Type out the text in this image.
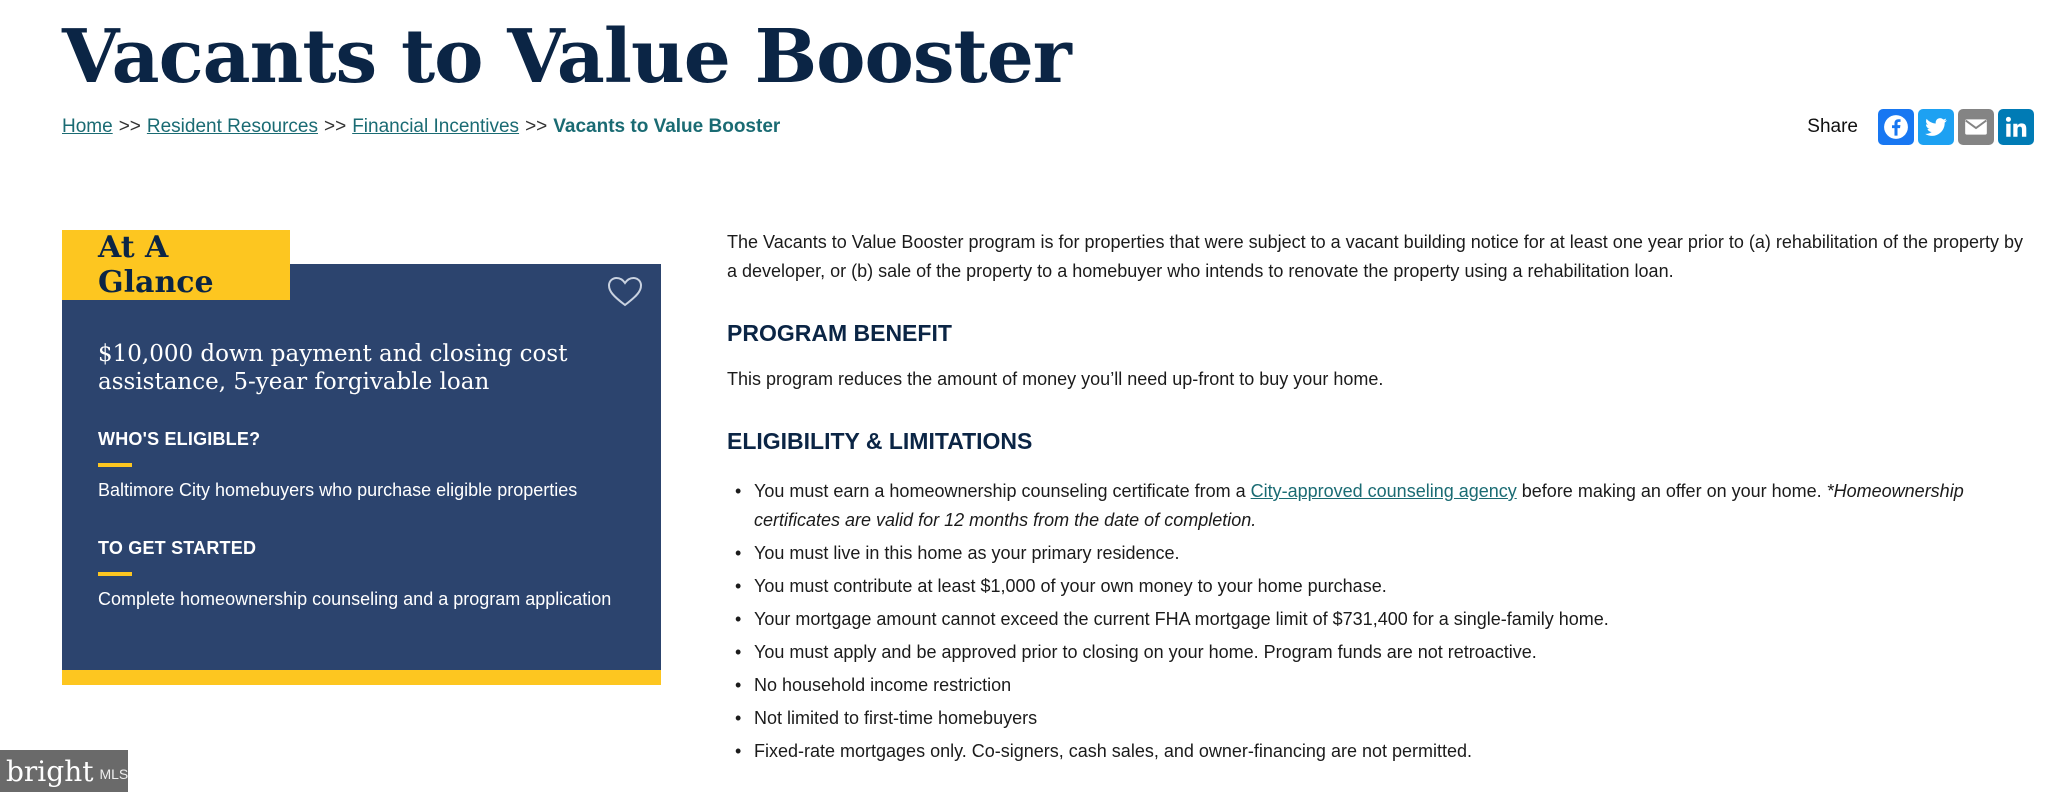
Vacants to Value Booster
Home >> Resident Resources >> Financial Incentives >> Vacants to Value Booster	Share
At A Glance
$10,000 down payment and closing cost assistance, 5-year forgivable loan
WHO'S ELIGIBLE?
Baltimore City homebuyers who purchase eligible properties
TO GET STARTED
Complete homeownership counseling and a program application

The Vacants to Value Booster program is for properties that were subject to a vacant building notice for at least one year prior to (a) rehabilitation of the property by a developer, or (b) sale of the property to a homebuyer who intends to renovate the property using a rehabilitation loan.

PROGRAM BENEFIT

This program reduces the amount of money you’ll need up-front to buy your home.

ELIGIBILITY & LIMITATIONS
• You must earn a homeownership counseling certificate from a City-approved counseling agency before making an offer on your home. *Homeownership certificates are valid for 12 months from the date of completion.
• You must live in this home as your primary residence.
• You must contribute at least $1,000 of your own money to your home purchase.
• Your mortgage amount cannot exceed the current FHA mortgage limit of $731,400 for a single-family home.
• You must apply and be approved prior to closing on your home. Program funds are not retroactive.
• No household income restriction
• Not limited to first-time homebuyers
• Fixed-rate mortgages only. Co-signers, cash sales, and owner-financing are not permitted.
bright MLS
